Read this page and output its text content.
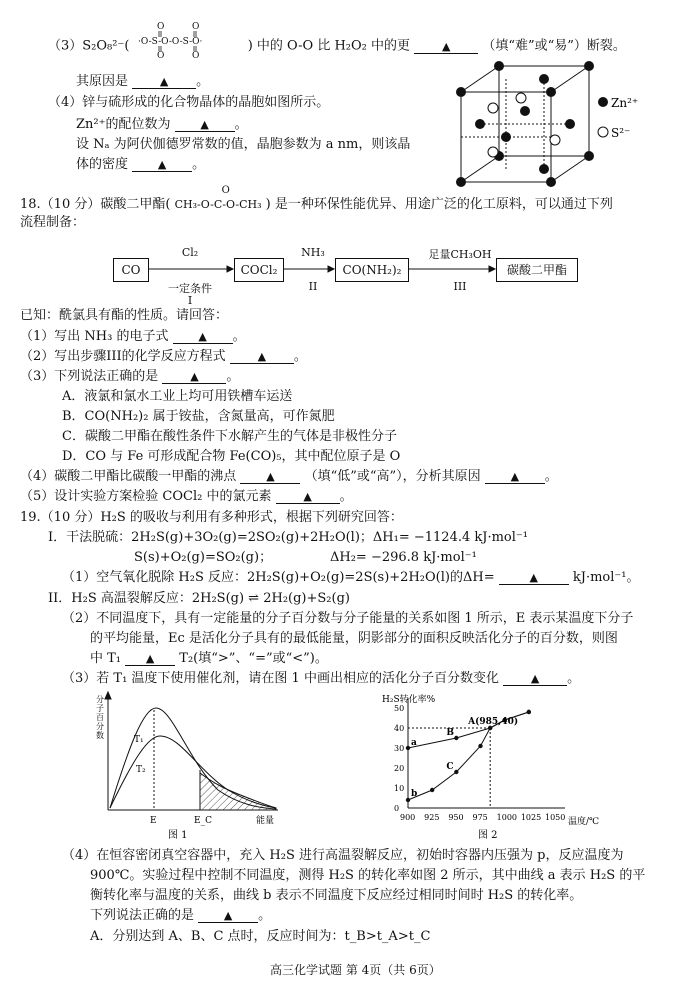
（3）S₂O₈²⁻( ·O-S-O-O-S-O·
O
O
O
O
) 中的 O-O 比 H₂O₂ 中的更	▲ （填“难”或“易”）断裂。
其原因是	▲ 。
（4）锌与硫形成的化合物晶体的晶胞如图所示。
Zn²⁺的配位数为	▲ 。
设 Nₐ 为阿伏伽德罗常数的值，晶胞参数为 a nm，则该晶
体的密度	▲ 。
Zn²⁺
S²⁻
18.（10 分）碳酸二甲酯(
O
CH₃-O-C-O-CH₃ ) 是一种环保性能优异、用途广泛的化工原料，可以通过下列
流程制备：
CO	COCl₂	CO(NH₂)₂	碳酸二甲酯
Cl₂
一定条件
I
NH₃
II
足量CH₃OH
III
已知：酰氯具有酯的性质。请回答：
（1）写出 NH₃ 的电子式	▲ 。
（2）写出步骤III的化学反应方程式	▲ 。
（3）下列说法正确的是	▲ 。
A．液氯和氯水工业上均可用铁槽车运送
B．CO(NH₂)₂ 属于铵盐，含氮量高，可作氮肥
C．碳酸二甲酯在酸性条件下水解产生的气体是非极性分子
D．CO 与 Fe 可形成配合物 Fe(CO)₅，其中配位原子是 O
（4）碳酸二甲酯比碳酸一甲酯的沸点	▲ （填“低”或“高”），分析其原因	▲ 。
（5）设计实验方案检验 COCl₂ 中的氯元素	▲ 。
19.（10 分）H₂S 的吸收与利用有多种形式，根据下列研究回答：
I．干法脱硫：2H₂S(g)+3O₂(g)=2SO₂(g)+2H₂O(l)；ΔH₁= −1124.4 kJ·mol⁻¹
S(s)+O₂(g)=SO₂(g)；	ΔH₂= −296.8 kJ·mol⁻¹
（1）空气氧化脱除 H₂S 反应：2H₂S(g)+O₂(g)=2S(s)+2H₂O(l)的ΔH=	▲	kJ·mol⁻¹。
II．H₂S 高温裂解反应：2H₂S(g) ⇌ 2H₂(g)+S₂(g)
（2）不同温度下，具有一定能量的分子百分数与分子能量的关系如图 1 所示，E 表示某温度下分子
的平均能量，Ec 是活化分子具有的最低能量，阴影部分的面积反映活化分子的百分数，则图
中 T₁ ▲ T₂(填“>”、“=”或“<”)。
（3）若 T₁ 温度下使用催化剂，请在图 1 中画出相应的活化分子百分数变化	▲ 。
分 子 百 分 数	T₁
T₂
E	E_C	能量
图 1
H₂S转化率%
温度/℃
图 2
900 925 950 975 1000 1025 1050
0
10
20
30
40
50
a
b
A(985,40)
B
C
（4）在恒容密闭真空容器中，充入 H₂S 进行高温裂解反应，初始时容器内压强为 p，反应温度为
900℃。实验过程中控制不同温度，测得 H₂S 的转化率如图 2 所示，其中曲线 a 表示 H₂S 的平
衡转化率与温度的关系，曲线 b 表示不同温度下反应经过相同时间时 H₂S 的转化率。
下列说法正确的是	▲ 。
A．分别达到 A、B、C 点时，反应时间为：t_B>t_A>t_C
高三化学试题 第 4页（共 6页）
